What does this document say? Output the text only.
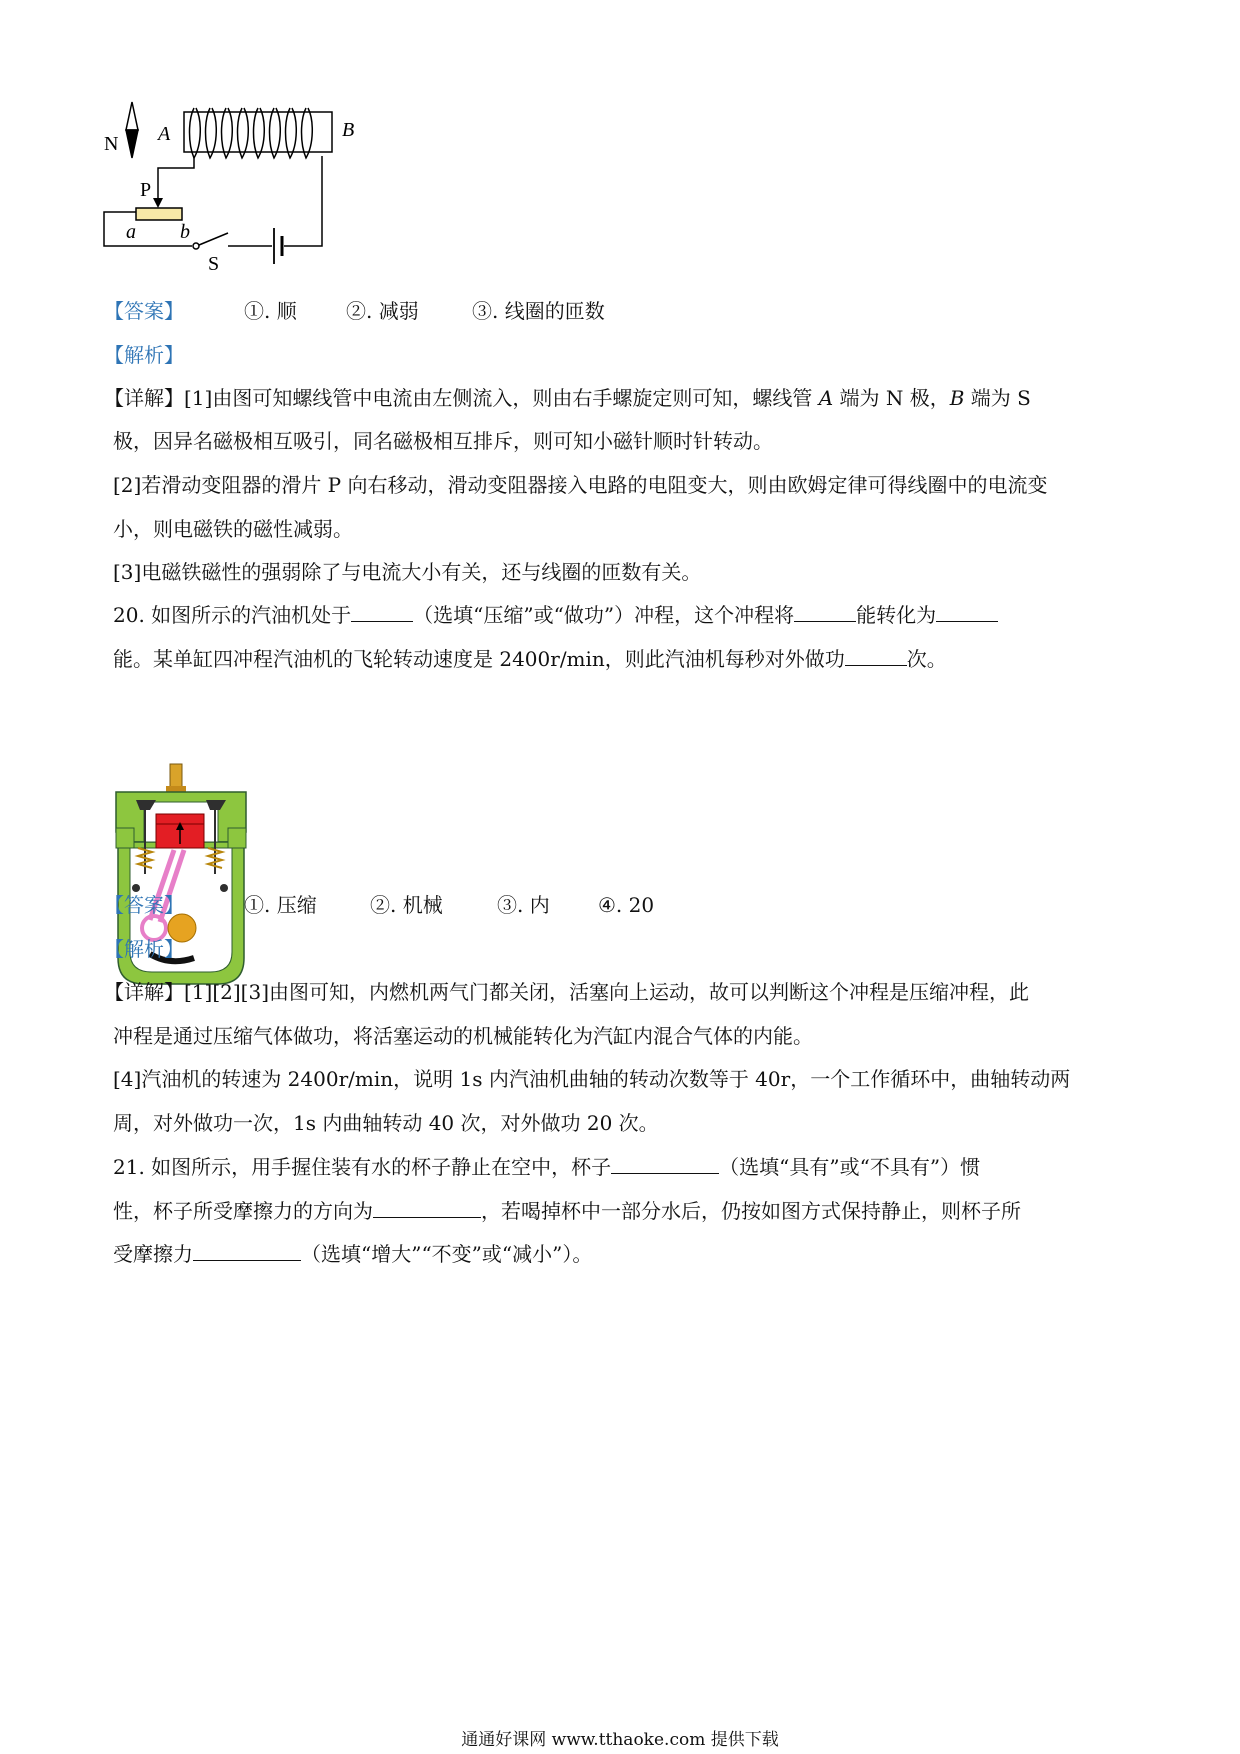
N A	B
P
a b
S
【答案】	①. 顺 ②. 减弱	③. 线圈的匝数
【解析】
【详解】[1]由图可知螺线管中电流由左侧流入，则由右手螺旋定则可知，螺线管 A 端为 N 极，B 端为 S
极，因异名磁极相互吸引，同名磁极相互排斥，则可知小磁针顺时针转动。
[2]若滑动变阻器的滑片 P 向右移动，滑动变阻器接入电路的电阻变大，则由欧姆定律可得线圈中的电流变
小，则电磁铁的磁性减弱。
[3]电磁铁磁性的强弱除了与电流大小有关，还与线圈的匝数有关。
20. 如图所示的汽油机处于	（选填“压缩”或“做功”）冲程，这个冲程将	能转化为
能。某单缸四冲程汽油机的飞轮转动速度是 2400r/min，则此汽油机每秒对外做功	次。
【答案】	①. 压缩	②. 机械	③. 内 ④. 20
【解析】
【详解】[1][2][3]由图可知，内燃机两气门都关闭，活塞向上运动，故可以判断这个冲程是压缩冲程，此
冲程是通过压缩气体做功，将活塞运动的机械能转化为汽缸内混合气体的内能。
[4]汽油机的转速为 2400r/min，说明 1s 内汽油机曲轴的转动次数等于 40r，一个工作循环中，曲轴转动两
周，对外做功一次，1s 内曲轴转动 40 次，对外做功 20 次。
21. 如图所示，用手握住装有水的杯子静止在空中，杯子	（选填“具有”或“不具有”）惯
性，杯子所受摩擦力的方向为	，若喝掉杯中一部分水后，仍按如图方式保持静止，则杯子所
受摩擦力	（选填“增大”“不变”或“减小”）。
通通好课网 www.tthaoke.com 提供下载
